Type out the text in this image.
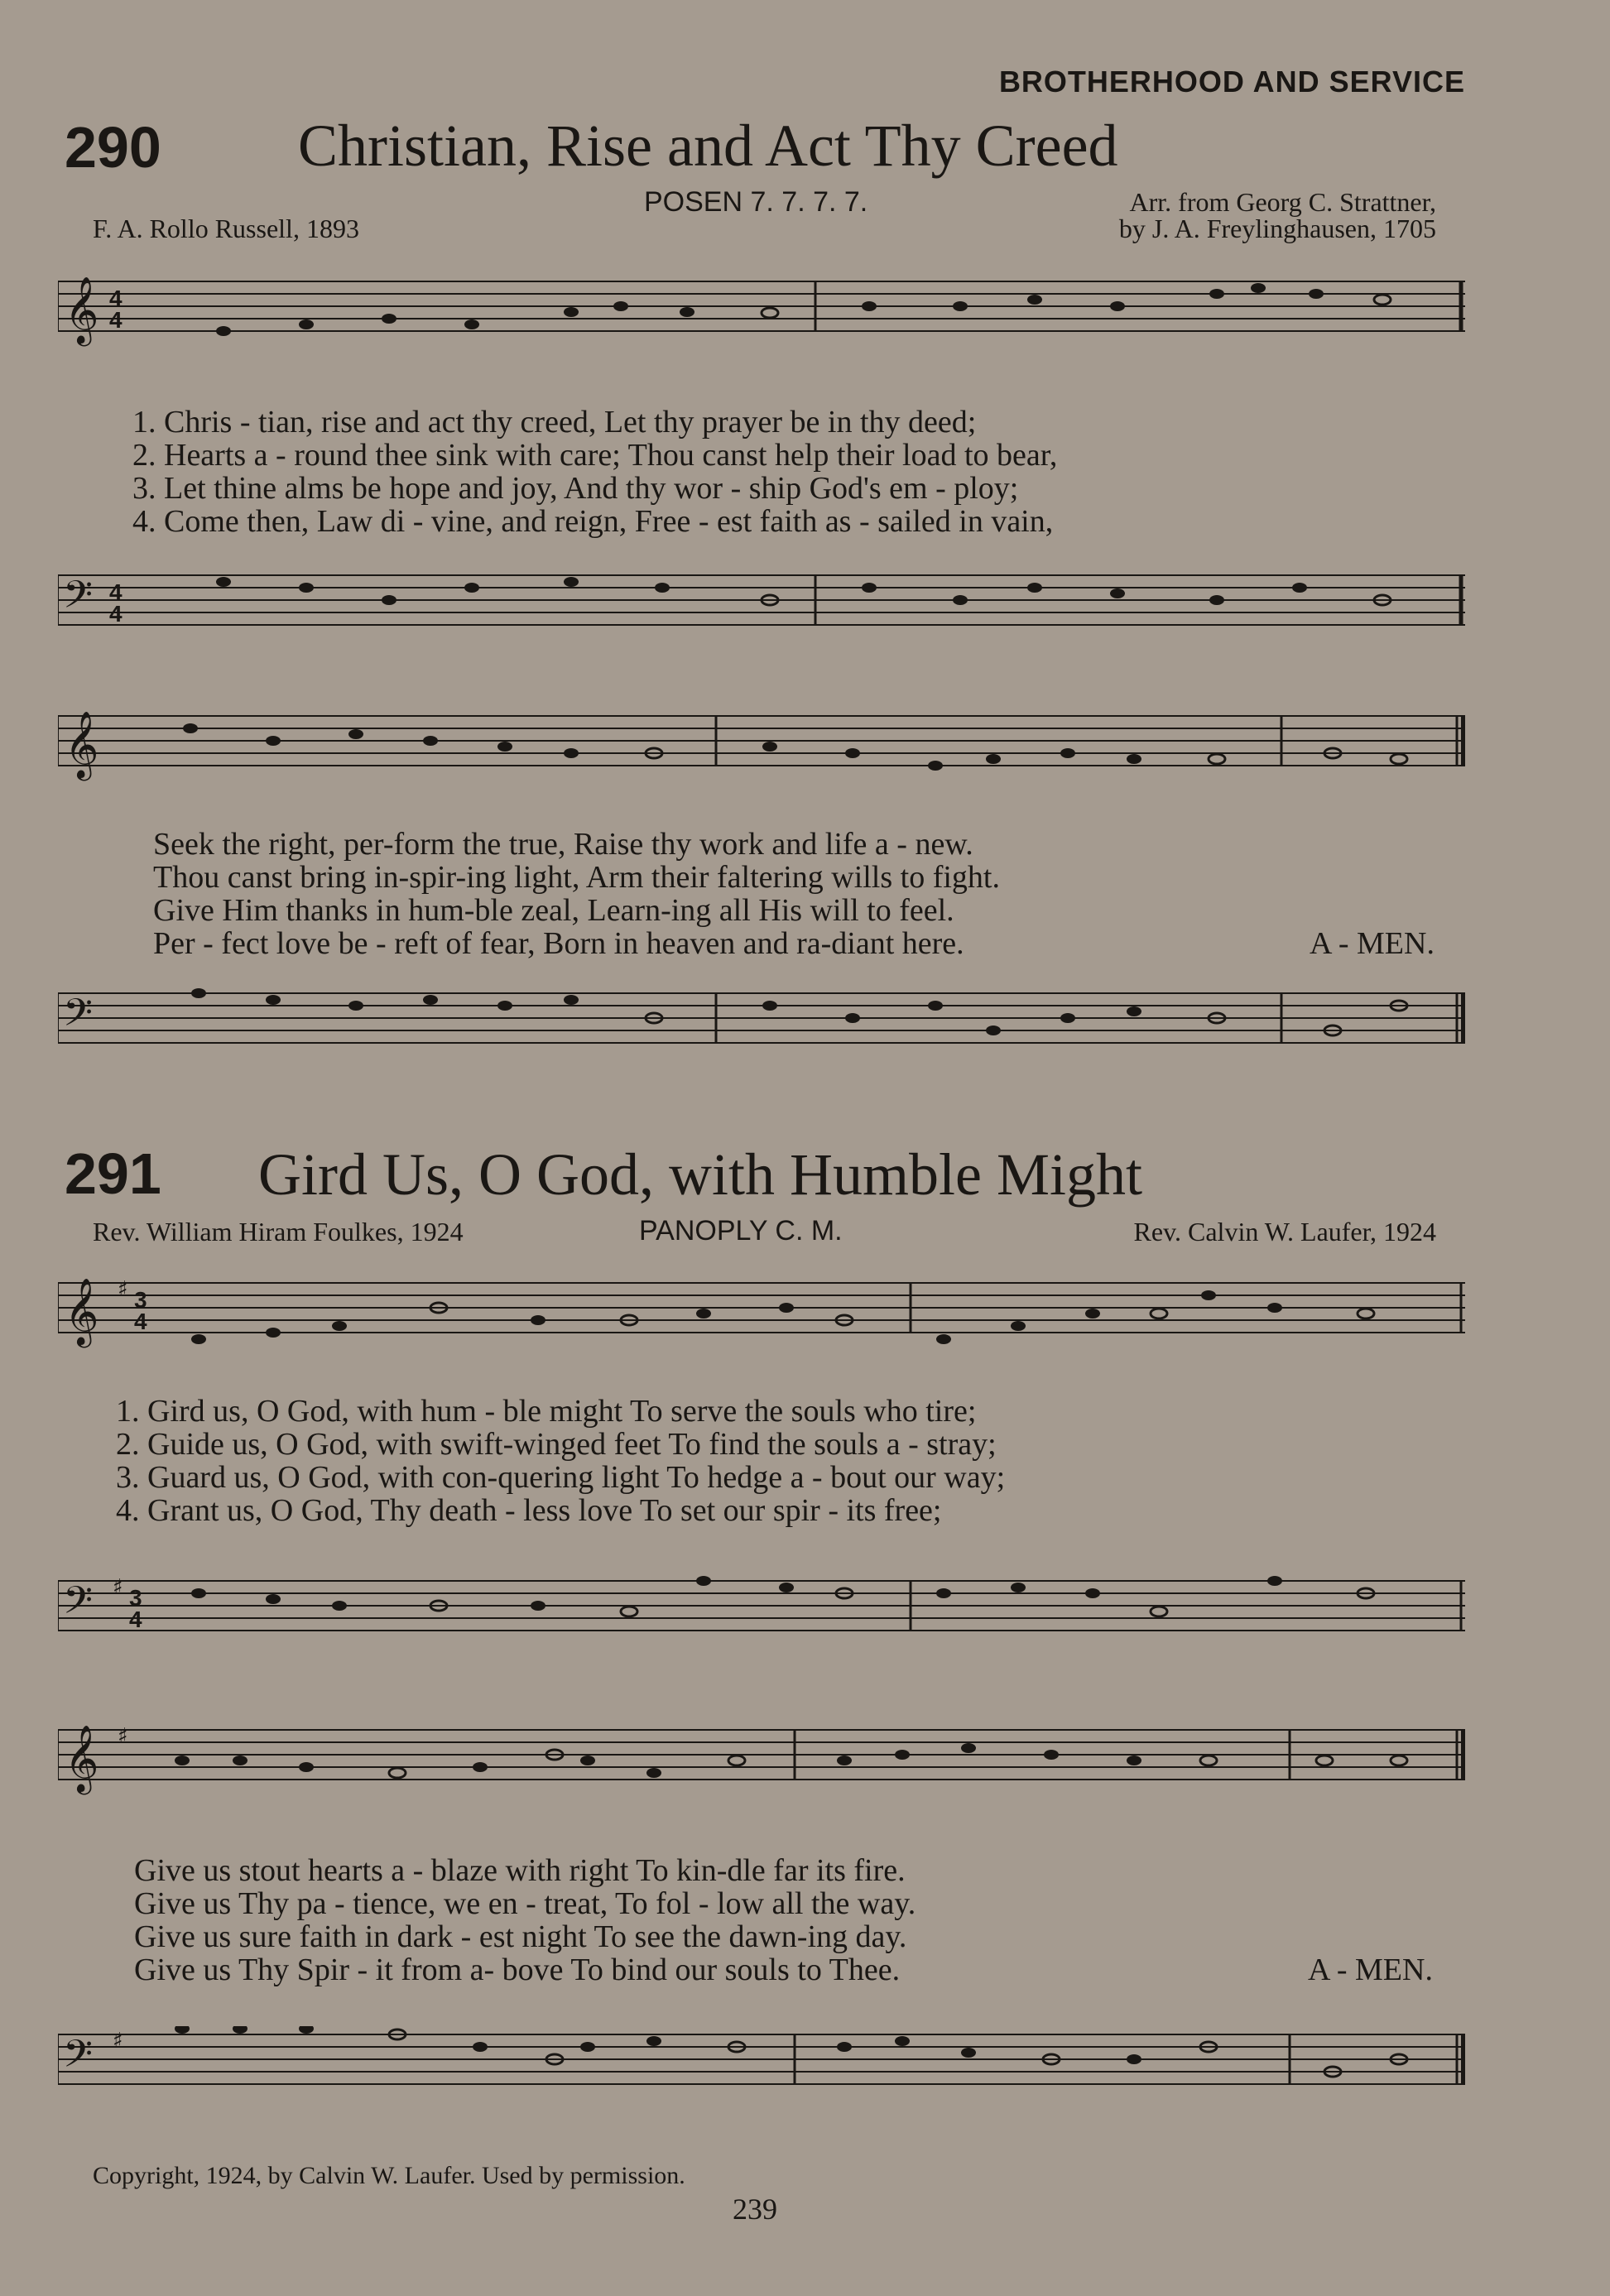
BROTHERHOOD AND SERVICE
290 Christian, Rise and Act Thy Creed
POSEN 7. 7. 7. 7.
F. A. Rollo Russell, 1893
Arr. from Georg C. Strattner,
by J. A. Freylinghausen, 1705
𝄞 4
4
1. Chris - tian, rise and act thy creed, Let thy prayer be in thy deed;
2. Hearts a - round thee sink with care; Thou canst help their load to bear,
3. Let thine alms be hope and joy, And thy wor - ship God's em - ploy;
4. Come then, Law di - vine, and reign, Free - est faith as - sailed in vain,
𝄢 4
4
𝄞
Seek the right, per-form the true, Raise thy work and life a - new.
Thou canst bring in-spir-ing light, Arm their faltering wills to fight.
Give Him thanks in hum-ble zeal, Learn-ing all His will to feel.
Per - fect love be - reft of fear, Born in heaven and ra-diant here.	A - MEN.
𝄢
291 Gird Us, O God, with Humble Might
Rev. William Hiram Foulkes, 1924	PANOPLY C. M.	Rev. Calvin W. Laufer, 1924
𝄞 ♯ 3
4
1. Gird us, O God, with hum - ble might To serve the souls who tire;
2. Guide us, O God, with swift-winged feet To find the souls a - stray;
3. Guard us, O God, with con-quering light To hedge a - bout our way;
4. Grant us, O God, Thy death - less love To set our spir - its free;
𝄢 ♯ 3
4
𝄞 ♯
Give us stout hearts a - blaze with right To kin-dle far its fire.
Give us Thy pa - tience, we en - treat, To fol - low all the way.
Give us sure faith in dark - est night To see the dawn-ing day.
Give us Thy Spir - it from a- bove To bind our souls to Thee.	A - MEN.
𝄢 ♯
Copyright, 1924, by Calvin W. Laufer. Used by permission.
239
